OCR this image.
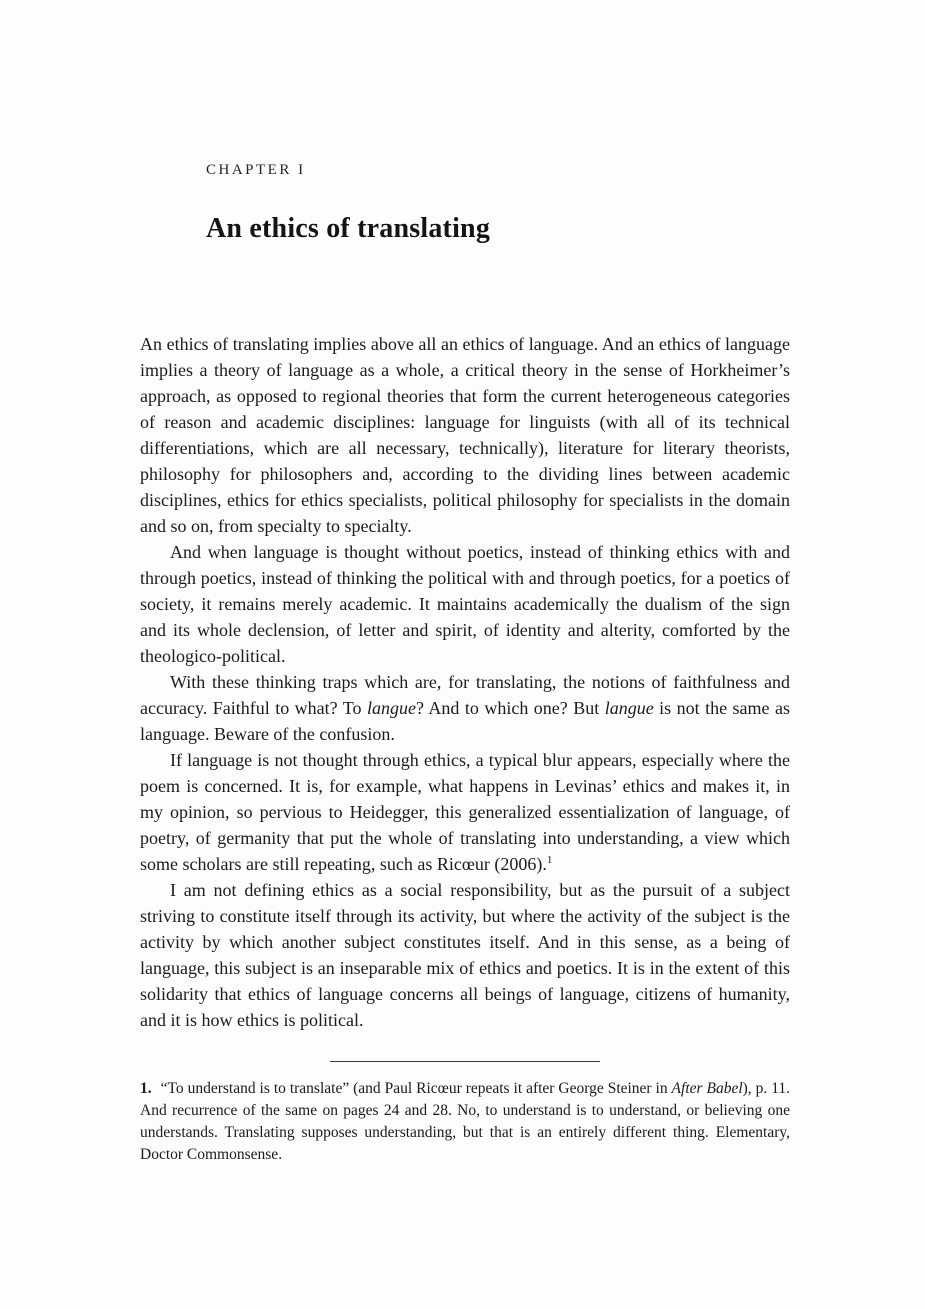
CHAPTER I
An ethics of translating

An ethics of translating implies above all an ethics of language. And an ethics of language implies a theory of language as a whole, a critical theory in the sense of Horkheimer’s approach, as opposed to regional theories that form the current heterogeneous categories of reason and academic disciplines: language for linguists (with all of its technical differentiations, which are all necessary, technically), literature for literary theorists, philosophy for philosophers and, according to the dividing lines between academic disciplines, ethics for ethics specialists, political philosophy for specialists in the domain and so on, from specialty to specialty.

And when language is thought without poetics, instead of thinking ethics with and through poetics, instead of thinking the political with and through poetics, for a poetics of society, it remains merely academic. It maintains academically the dualism of the sign and its whole declension, of letter and spirit, of identity and alterity, comforted by the theologico-political.

With these thinking traps which are, for translating, the notions of faithfulness and accuracy. Faithful to what? To langue? And to which one? But langue is not the same as language. Beware of the confusion.

If language is not thought through ethics, a typical blur appears, especially where the poem is concerned. It is, for example, what happens in Levinas’ ethics and makes it, in my opinion, so pervious to Heidegger, this generalized essentialization of language, of poetry, of germanity that put the whole of translating into understanding, a view which some scholars are still repeating, such as Ricœur (2006).$^1$

I am not defining ethics as a social responsibility, but as the pursuit of a subject striving to constitute itself through its activity, but where the activity of the subject is the activity by which another subject constitutes itself. And in this sense, as a being of language, this subject is an inseparable mix of ethics and poetics. It is in the extent of this solidarity that ethics of language concerns all beings of language, citizens of humanity, and it is how ethics is political.

1. “To understand is to translate” (and Paul Ricœur repeats it after George Steiner in After Babel), p. 11. And recurrence of the same on pages 24 and 28. No, to understand is to understand, or believing one understands. Translating supposes understanding, but that is an entirely different thing. Elementary, Doctor Commonsense.
